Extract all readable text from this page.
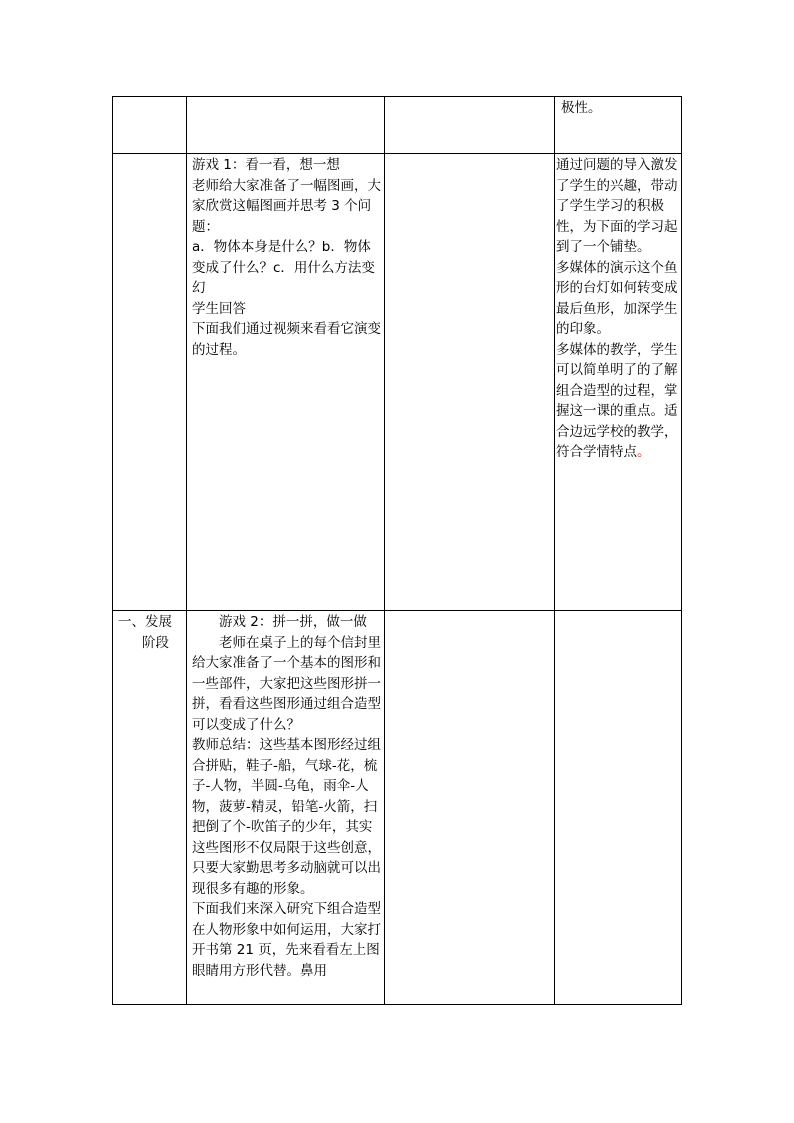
			极性。

	游戏 1：看一看，想一想
老师给大家准备了一幅图画，大家欣赏这幅图画并思考 3 个问题：
a．物体本身是什么？b．物体变成了什么？c．用什么方法变幻
学生回答
下面我们通过视频来看看它演变的过程。		通过问题的导入激发了学生的兴趣，带动了学生学习的积极性，为下面的学习起到了一个铺垫。
多媒体的演示这个鱼形的台灯如何转变成最后鱼形，加深学生的印象。
多媒体的教学，学生可以简单明了的了解组合造型的过程，掌握这一课的重点。适合边远学校的教学，符合学情特点。

一、发展
阶段	游戏 2：拼一拼，做一做
老师在桌子上的每个信封里给大家准备了一个基本的图形和一些部件，大家把这些图形拼一拼，看看这些图形通过组合造型可以变成了什么？
教师总结：这些基本图形经过组合拼贴，鞋子-船，气球-花，梳子-人物，半圆-乌龟，雨伞-人物，菠萝-精灵，铅笔-火箭，扫把倒了个-吹笛子的少年，其实这些图形不仅局限于这些创意，只要大家勤思考多动脑就可以出现很多有趣的形象。
下面我们来深入研究下组合造型在人物形象中如何运用，大家打开书第 21 页，先来看看左上图眼睛用方形代替。鼻用		
